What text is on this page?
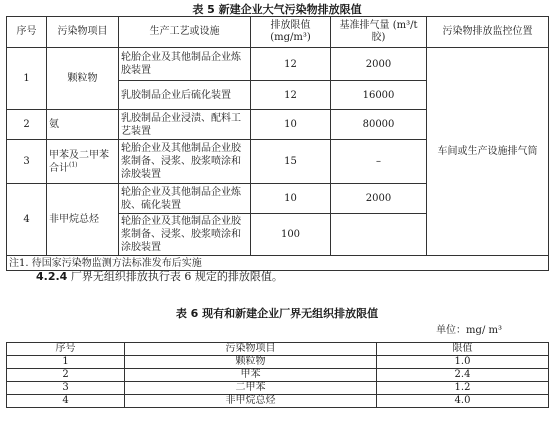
表 5 新建企业大气污染物排放限值
序号	污染物项目	生产工艺或设施	排放限值 (mg/m³)	基准排气量 (m³/t胶)	污染物排放监控位置
1	颗粒物	轮胎企业及其他制品企业炼胶装置	12	2000	车间或生产设施排气筒
		乳胶制品企业后硫化装置	12	16000	
2	氨	乳胶制品企业浸渍、配料工艺装置	10	80000	
3	甲苯及二甲苯合计$^{(1)}$	轮胎企业及其他制品企业胶浆制备、浸浆、胶浆喷涂和涂胶装置	15	–	
4	非甲烷总烃	轮胎企业及其他制品企业炼胶、硫化装置	10	2000	
		轮胎企业及其他制品企业胶浆制备、浸浆、胶浆喷涂和涂胶装置	100		
注1. 待国家污染物监测方法标准发布后实施					
4.2.4 厂界无组织排放执行表 6 规定的排放限值。
表 6 现有和新建企业厂界无组织排放限值
单位：mg/ m³
序号	污染物项目	限值
1	颗粒物	1.0
2	甲苯	2.4
3	二甲苯	1.2
4	非甲烷总烃	4.0
